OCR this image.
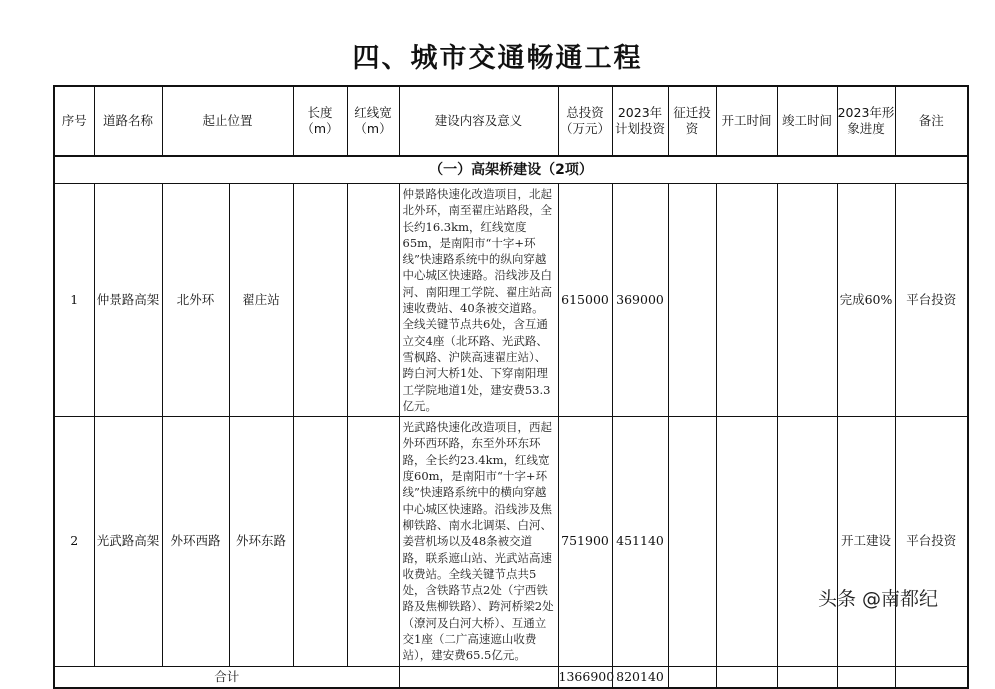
四、城市交通畅通工程
序号	道路名称	起止位置		长度（m）	红线宽（m）	建设内容及意义	总投资（万元）	2023年计划投资	征迁投资	开工时间	竣工时间	2023年形象进度	备注
（一）高架桥建设（2项）													
1	仲景路高架	北外环	翟庄站			仲景路快速化改造项目，北起北外环，南至翟庄站路段，全长约16.3km，红线宽度65m，是南阳市“十字+环线”快速路系统中的纵向穿越中心城区快速路。沿线涉及白河、南阳理工学院、翟庄站高速收费站、40条被交道路。全线关键节点共6处，含互通立交4座（北环路、光武路、雪枫路、沪陕高速翟庄站）、跨白河大桥1处、下穿南阳理工学院地道1处，建安费53.3亿元。	615000	369000				完成60%	平台投资
2	光武路高架	外环西路	外环东路			光武路快速化改造项目，西起外环西环路，东至外环东环路，全长约23.4km，红线宽度60m，是南阳市“十字+环线”快速路系统中的横向穿越中心城区快速路。沿线涉及焦柳铁路、南水北调渠、白河、姜营机场以及48条被交道路，联系遮山站、光武站高速收费站。全线关键节点共5处，含铁路节点2处（宁西铁路及焦柳铁路）、跨河桥梁2处（潦河及白河大桥）、互通立交1座（二广高速遮山收费站），建安费65.5亿元。	751900	451140				开工建设	平台投资
合计							1366900	820140					
头条 @南都纪
